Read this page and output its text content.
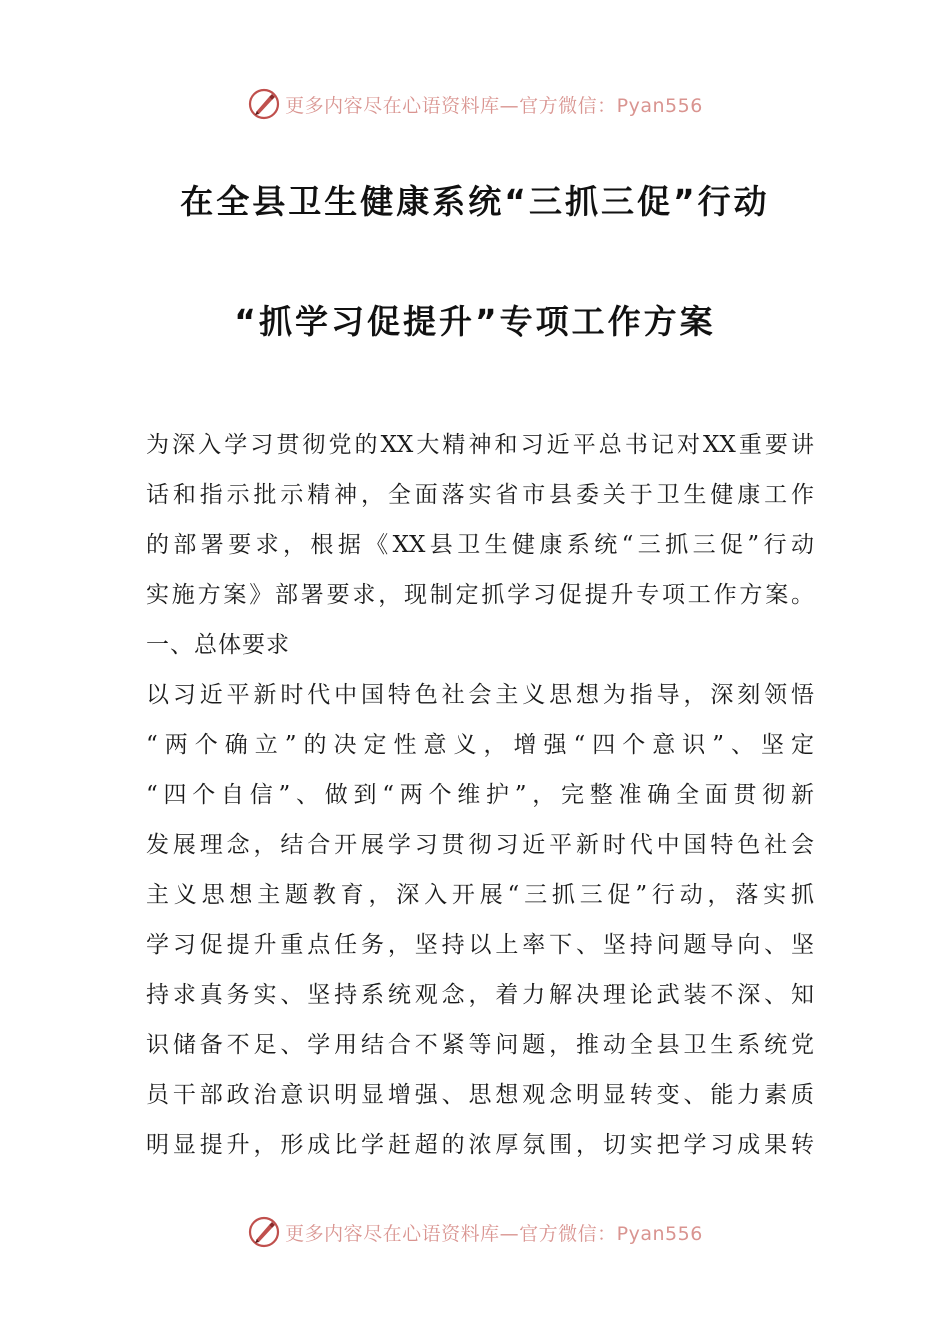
更多内容尽在心语资料库—官方微信：Pyan556
在全县卫生健康系统“三抓三促”行动
“抓学习促提升”专项工作方案
为深入学习贯彻党的XX大精神和习近平总书记对XX重要讲
话和指示批示精神，全面落实省市县委关于卫生健康工作
的部署要求，根据《XX县卫生健康系统“三抓三促”行动
实施方案》部署要求，现制定抓学习促提升专项工作方案。
一、总体要求
以习近平新时代中国特色社会主义思想为指导，深刻领悟
“两个确立”的决定性意义，增强“四个意识”、坚定
“四个自信”、做到“两个维护”，完整准确全面贯彻新
发展理念，结合开展学习贯彻习近平新时代中国特色社会
主义思想主题教育，深入开展“三抓三促”行动，落实抓
学习促提升重点任务，坚持以上率下、坚持问题导向、坚
持求真务实、坚持系统观念，着力解决理论武装不深、知
识储备不足、学用结合不紧等问题，推动全县卫生系统党
员干部政治意识明显增强、思想观念明显转变、能力素质
明显提升，形成比学赶超的浓厚氛围，切实把学习成果转
更多内容尽在心语资料库—官方微信：Pyan556
